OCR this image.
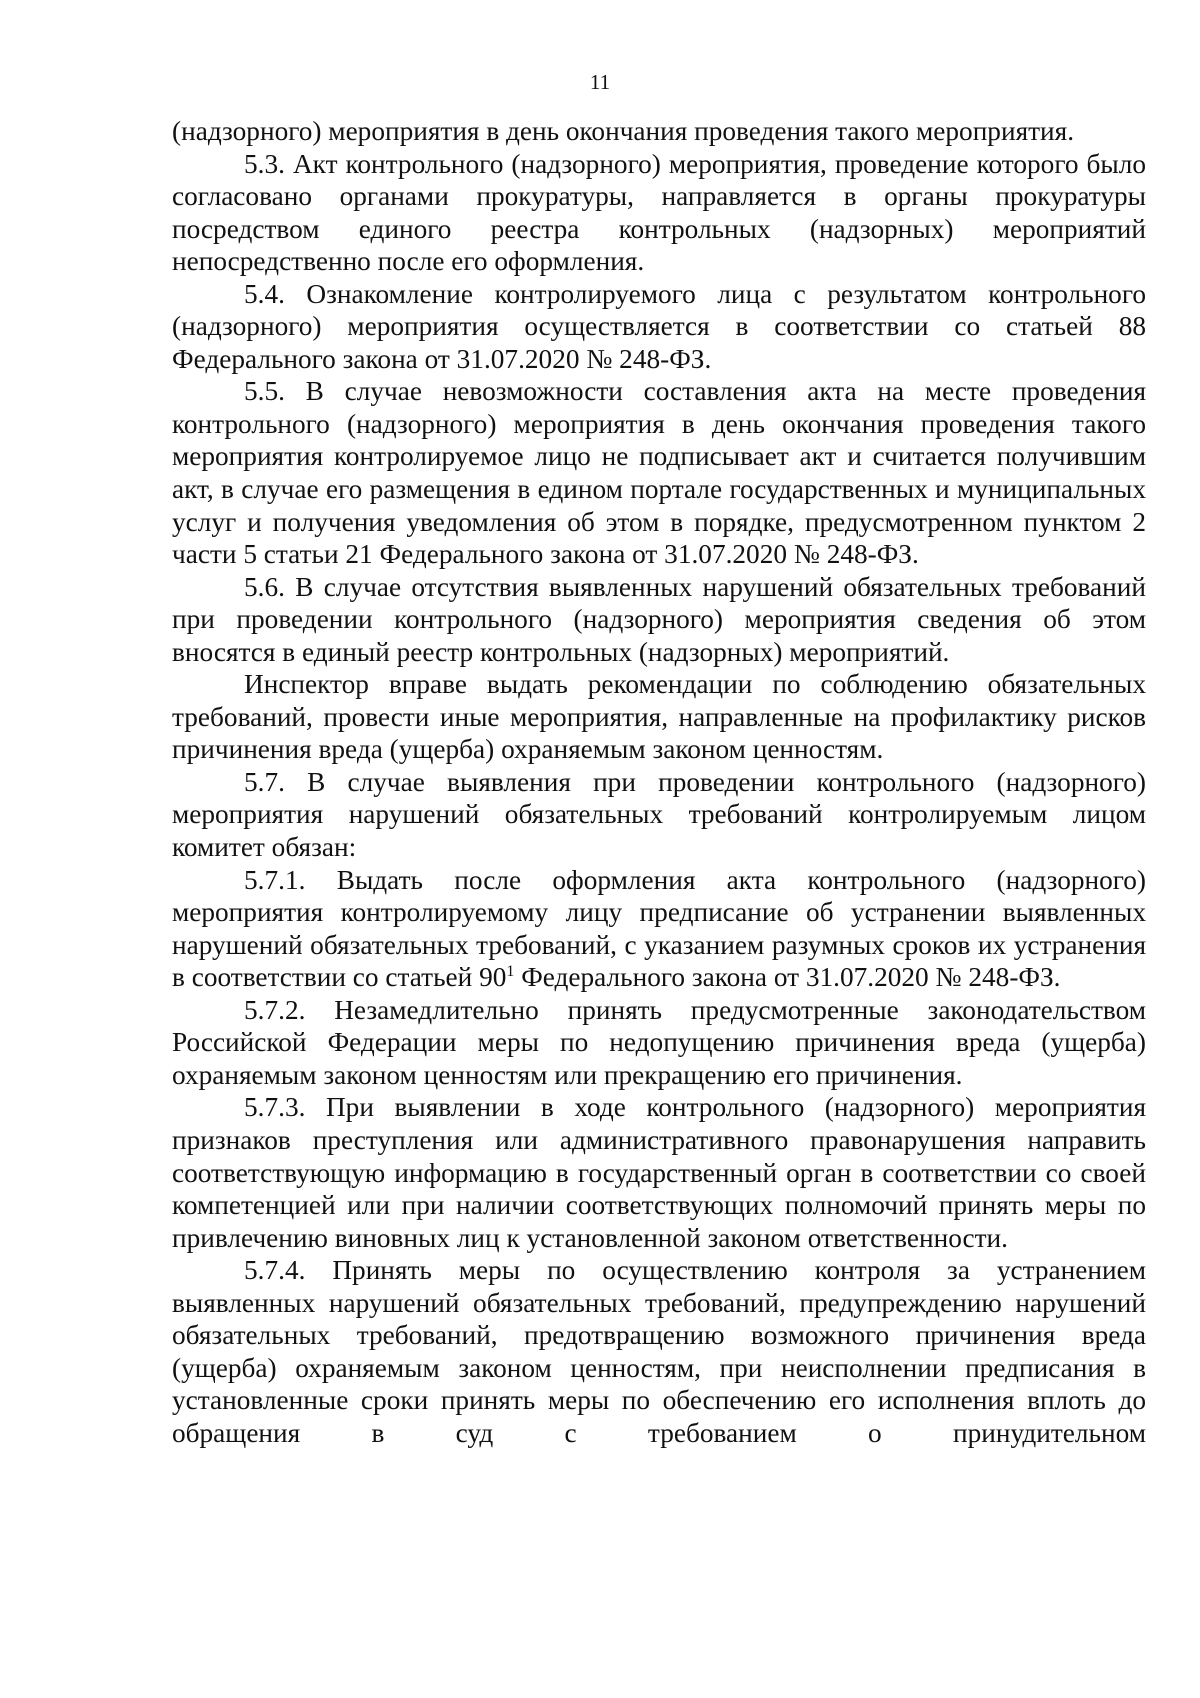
11

(надзорного) мероприятия в день окончания проведения такого мероприятия.

5.3. Акт контрольного (надзорного) мероприятия, проведение которого было согласовано органами прокуратуры, направляется в органы прокуратуры посредством единого реестра контрольных (надзорных) мероприятий непосредственно после его оформления.

5.4. Ознакомление контролируемого лица с результатом контрольного (надзорного) мероприятия осуществляется в соответствии со статьей 88 Федерального закона от 31.07.2020 № 248-ФЗ.

5.5. В случае невозможности составления акта на месте проведения контрольного (надзорного) мероприятия в день окончания проведения такого мероприятия контролируемое лицо не подписывает акт и считается получившим акт, в случае его размещения в едином портале государственных и муниципальных услуг и получения уведомления об этом в порядке, предусмотренном пунктом 2 части 5 статьи 21 Федерального закона от 31.07.2020 № 248-ФЗ.

5.6. В случае отсутствия выявленных нарушений обязательных требований при проведении контрольного (надзорного) мероприятия сведения об этом вносятся в единый реестр контрольных (надзорных) мероприятий.

Инспектор вправе выдать рекомендации по соблюдению обязательных требований, провести иные мероприятия, направленные на профилактику рисков причинения вреда (ущерба) охраняемым законом ценностям.

5.7. В случае выявления при проведении контрольного (надзорного) мероприятия нарушений обязательных требований контролируемым лицом комитет обязан:

5.7.1. Выдать после оформления акта контрольного (надзорного) мероприятия контролируемому лицу предписание об устранении выявленных нарушений обязательных требований, с указанием разумных сроков их устранения в соответствии со статьей $90^1$ Федерального закона от 31.07.2020 № 248-ФЗ.

5.7.2. Незамедлительно принять предусмотренные законодательством Российской Федерации меры по недопущению причинения вреда (ущерба) охраняемым законом ценностям или прекращению его причинения.

5.7.3. При выявлении в ходе контрольного (надзорного) мероприятия признаков преступления или административного правонарушения направить соответствующую информацию в государственный орган в соответствии со своей компетенцией или при наличии соответствующих полномочий принять меры по привлечению виновных лиц к установленной законом ответственности.

5.7.4. Принять меры по осуществлению контроля за устранением выявленных нарушений обязательных требований, предупреждению нарушений обязательных требований, предотвращению возможного причинения вреда (ущерба) охраняемым законом ценностям, при неисполнении предписания в установленные сроки принять меры по обеспечению его исполнения вплоть до обращения в суд с требованием о принудительном
